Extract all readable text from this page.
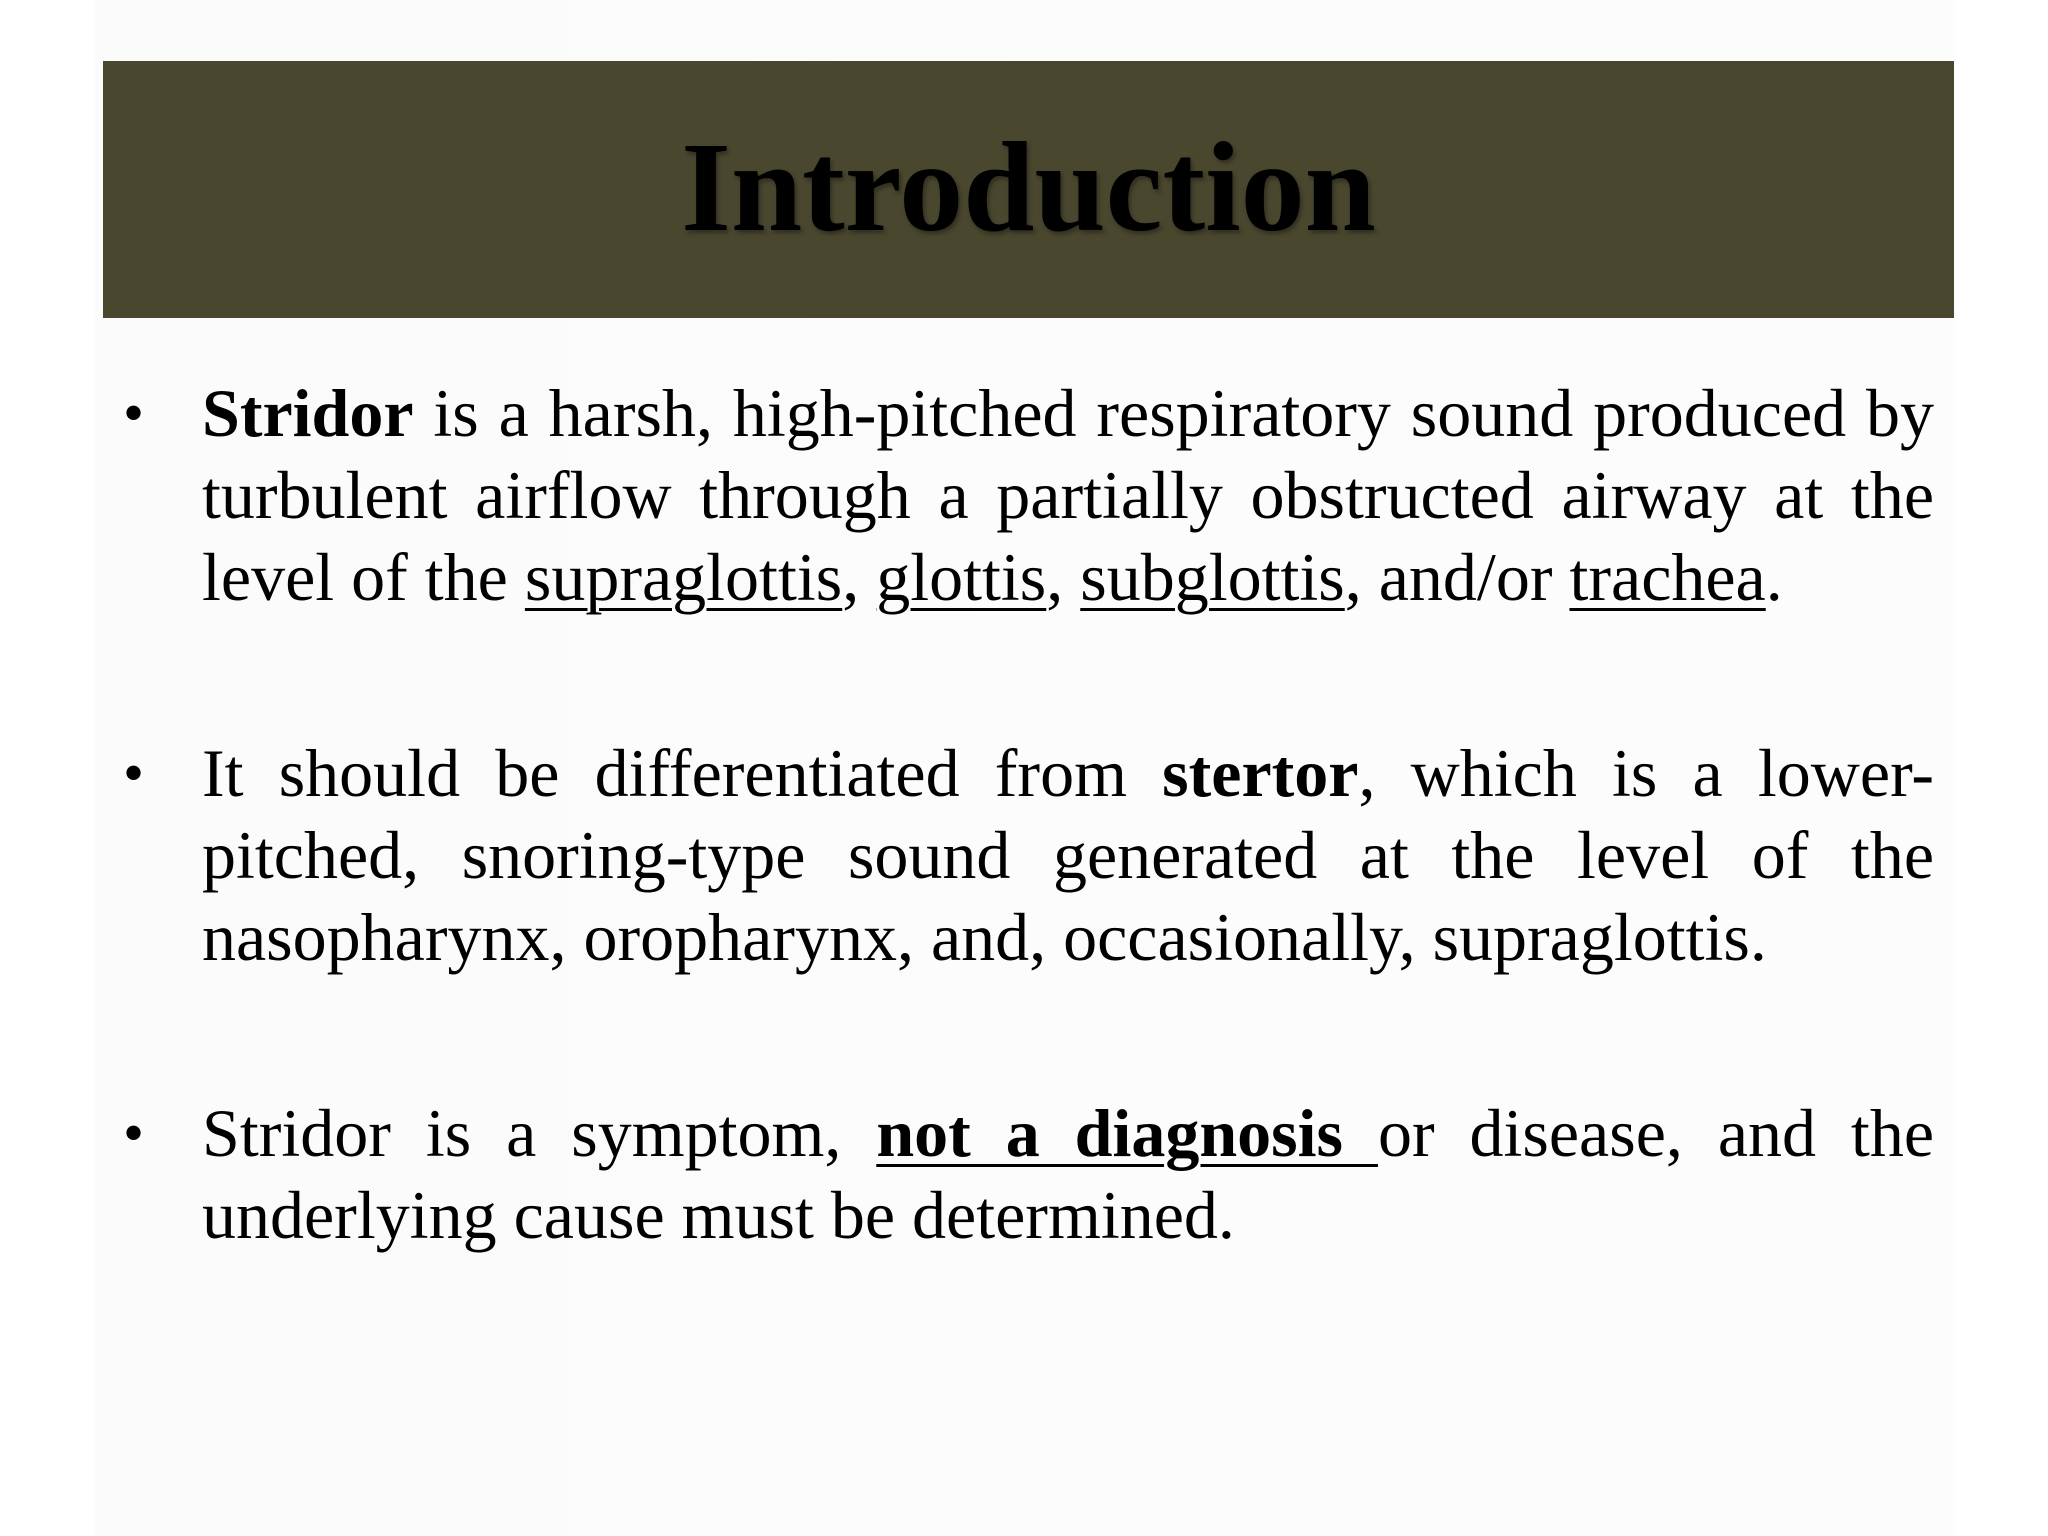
Introduction
• Stridor is a harsh, high-pitched respiratory sound produced by turbulent airflow through a partially obstructed airway at the level of the supraglottis, glottis, subglottis, and/or trachea.
• It should be differentiated from stertor, which is a lower-pitched, snoring-type sound generated at the level of the nasopharynx, oropharynx, and, occasionally, supraglottis.
• Stridor is a symptom, not a diagnosis or disease, and the underlying cause must be determined.
